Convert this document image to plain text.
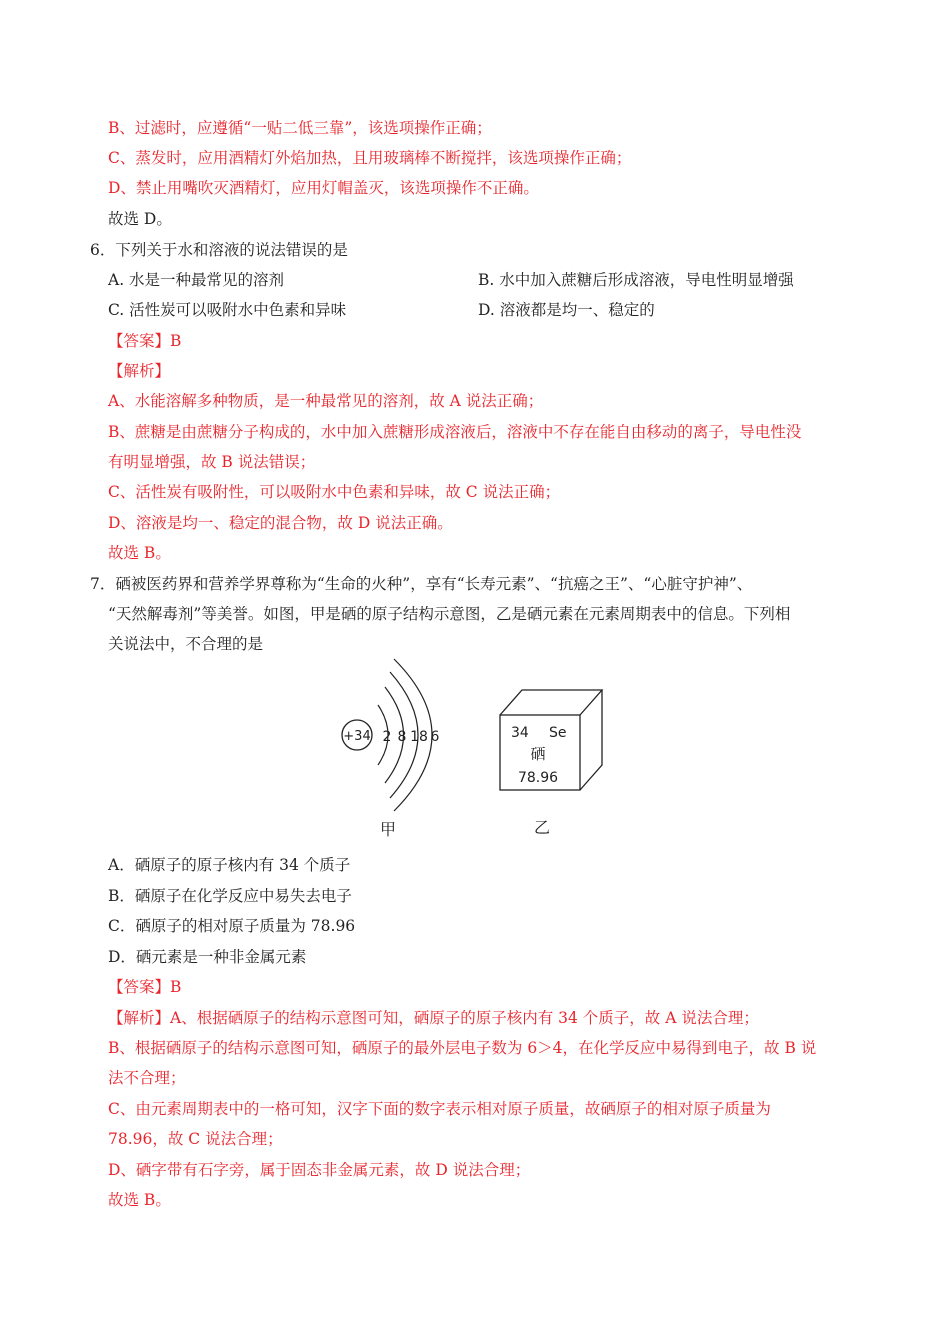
B、过滤时，应遵循“一贴二低三靠”，该选项操作正确；
C、蒸发时，应用酒精灯外焰加热，且用玻璃棒不断搅拌，该选项操作正确；
D、禁止用嘴吹灭酒精灯，应用灯帽盖灭，该选项操作不正确。
故选 D。
6．下列关于水和溶液的说法错误的是
A. 水是一种最常见的溶剂	B. 水中加入蔗糖后形成溶液，导电性明显增强
C. 活性炭可以吸附水中色素和异味	D. 溶液都是均一、稳定的
【答案】B
【解析】
A、水能溶解多种物质，是一种最常见的溶剂，故 A 说法正确；
B、蔗糖是由蔗糖分子构成的，水中加入蔗糖形成溶液后，溶液中不存在能自由移动的离子，导电性没
有明显增强，故 B 说法错误；
C、活性炭有吸附性，可以吸附水中色素和异味，故 C 说法正确；
D、溶液是均一、稳定的混合物，故 D 说法正确。
故选 B。
7．硒被医药界和营养学界尊称为“生命的火种”，享有“长寿元素”、“抗癌之王”、“心脏守护神”、
“天然解毒剂”等美誉。如图，甲是硒的原子结构示意图，乙是硒元素在元素周期表中的信息。下列相
关说法中，不合理的是
+34 2 8 18 6
甲
34 Se
硒
78.96
乙
A．硒原子的原子核内有 34 个质子
B．硒原子在化学反应中易失去电子
C．硒原子的相对原子质量为 78.96
D．硒元素是一种非金属元素
【答案】B
【解析】A、根据硒原子的结构示意图可知，硒原子的原子核内有 34 个质子，故 A 说法合理；
B、根据硒原子的结构示意图可知，硒原子的最外层电子数为 6＞4，在化学反应中易得到电子，故 B 说
法不合理；
C、由元素周期表中的一格可知，汉字下面的数字表示相对原子质量，故硒原子的相对原子质量为
78.96，故 C 说法合理；
D、硒字带有石字旁，属于固态非金属元素，故 D 说法合理；
故选 B。
